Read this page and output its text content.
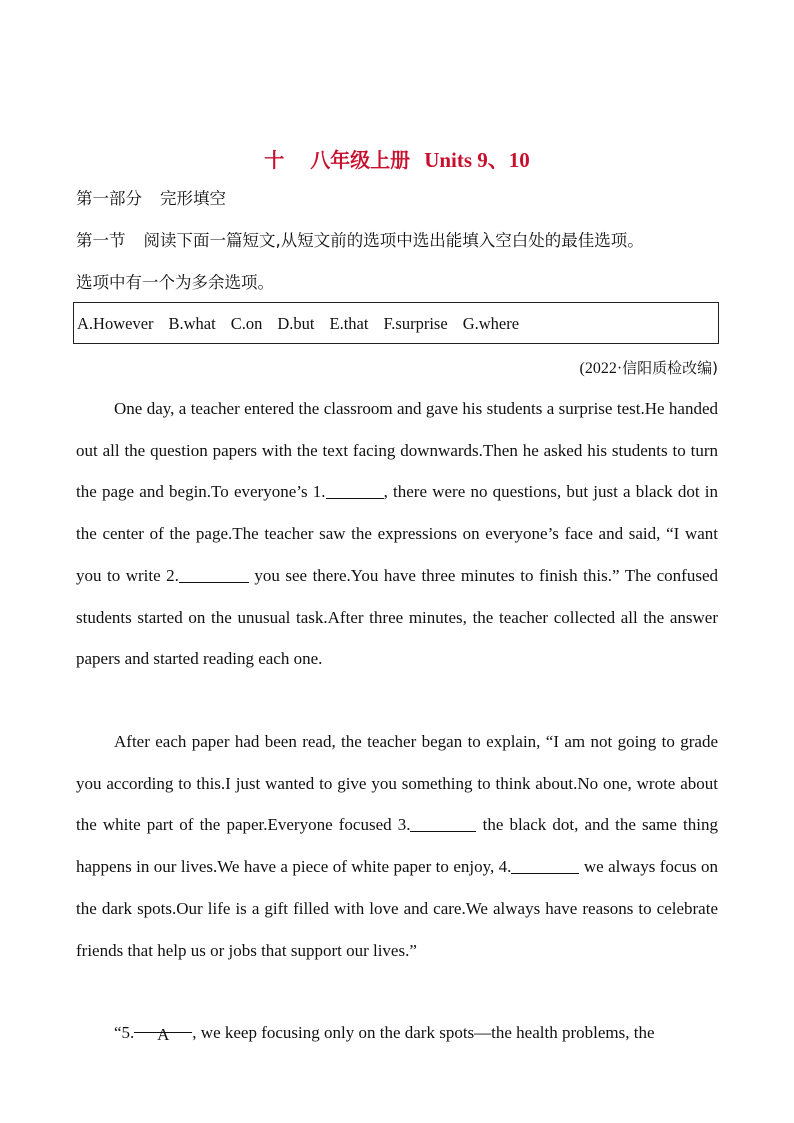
十 八年级上册 Units 9、10
第一部分 完形填空
第一节 阅读下面一篇短文,从短文前的选项中选出能填入空白处的最佳选项。
选项中有一个为多余选项。
A.However B.what C.on D.but E.that F.surprise G.where
(2022·信阳质检改编)

One day, a teacher entered the classroom and gave his students a surprise test.He handed out all the question papers with the text facing downwards.Then he asked his students to turn the page and begin.To everyone’s 1.	, there were no questions, but just a black dot in the center of the page.The teacher saw the expressions on everyone’s face and said, “I want you to write 2.	you see there.You have three minutes to finish this.” The confused students started on the unusual task.After three minutes, the teacher collected all the answer papers and started reading each one.

After each paper had been read, the teacher began to explain, “I am not going to grade you according to this.I just wanted to give you something to think about.No one, wrote about the white part of the paper.Everyone focused 3.	the black dot, and the same thing happens in our lives.We have a piece of white paper to enjoy, 4.	we always focus on the dark spots.Our life is a gift filled with love and care.We always have reasons to celebrate friends that help us or jobs that support our lives.”

“5. A , we keep focusing only on the dark spots—the health problems, the
